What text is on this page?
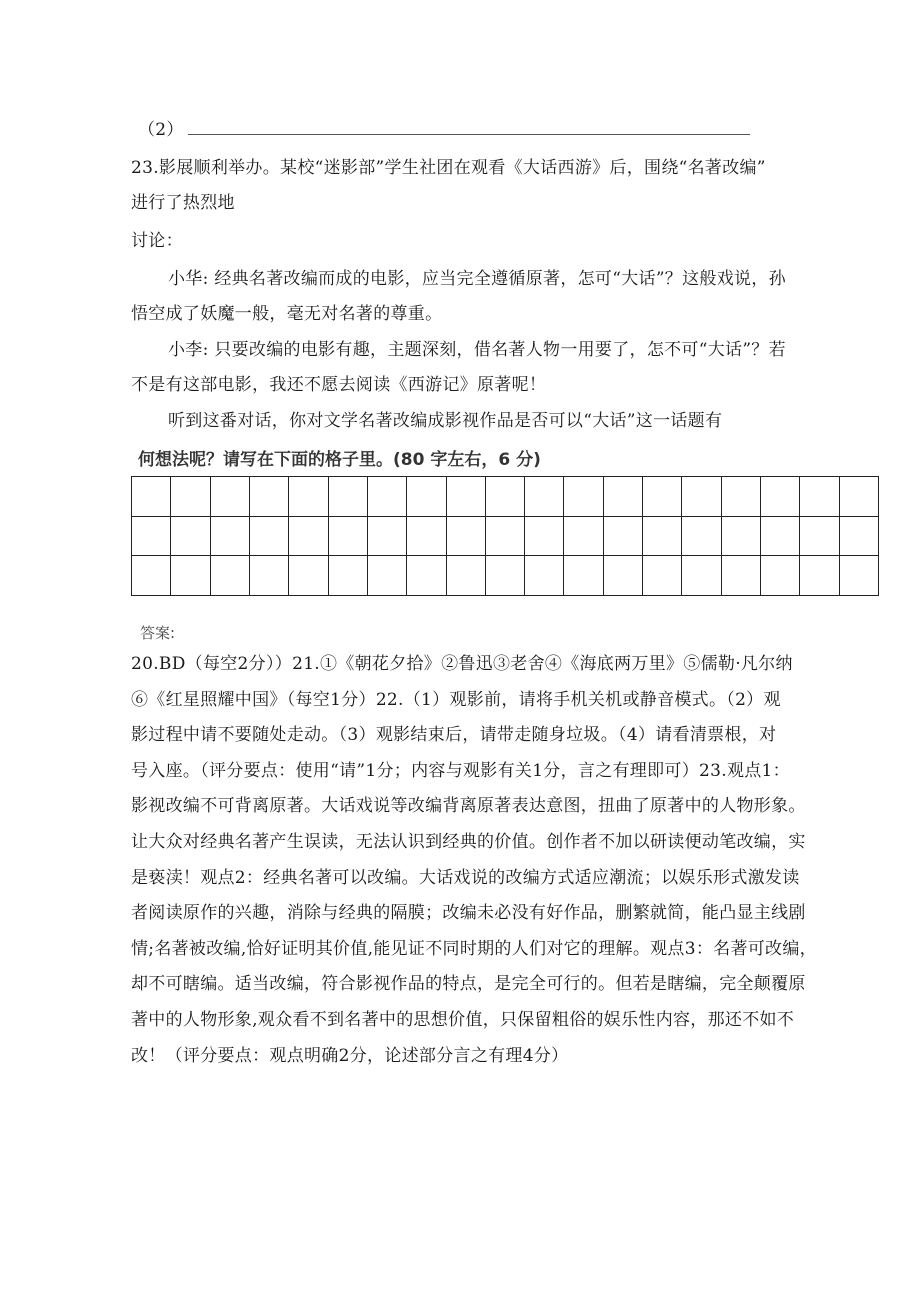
（2）
23.影展顺利举办。某校“迷影部”学生社团在观看《大话西游》后，围绕“名著改编”
进行了热烈地
讨论：
小华: 经典名著改编而成的电影，应当完全遵循原著，怎可“大话”？这般戏说，孙
悟空成了妖魔一般，毫无对名著的尊重。
小李: 只要改编的电影有趣，主题深刻，借名著人物一用要了，怎不可“大话”？若
不是有这部电影，我还不愿去阅读《西游记》原著呢！
听到这番对话，你对文学名著改编成影视作品是否可以“大话”这一话题有
何想法呢？请写在下面的格子里。(80 字左右，6 分)
答案:
20.BD（每空2分））21.①《朝花夕拾》②鲁迅③老舍④《海底两万里》⑤儒勒·凡尔纳
⑥《红星照耀中国》（每空1分）22.（1）观影前，请将手机关机或静音模式。（2）观
影过程中请不要随处走动。（3）观影结束后，请带走随身垃圾。（4）请看清票根，对
号入座。（评分要点：使用“请”1分；内容与观影有关1分，言之有理即可）23.观点1：
影视改编不可背离原著。大话戏说等改编背离原著表达意图，扭曲了原著中的人物形象。
让大众对经典名著产生误读，无法认识到经典的价值。创作者不加以研读便动笔改编，实
是亵渎！观点2：经典名著可以改编。大话戏说的改编方式适应潮流；以娱乐形式激发读
者阅读原作的兴趣，消除与经典的隔膜；改编未必没有好作品，删繁就简，能凸显主线剧
情;名著被改编,恰好证明其价值,能见证不同时期的人们对它的理解。观点3：名著可改编，
却不可瞎编。适当改编，符合影视作品的特点，是完全可行的。但若是瞎编，完全颠覆原
著中的人物形象,观众看不到名著中的思想价值，只保留粗俗的娱乐性内容，那还不如不
改！（评分要点：观点明确2分，论述部分言之有理4分）
